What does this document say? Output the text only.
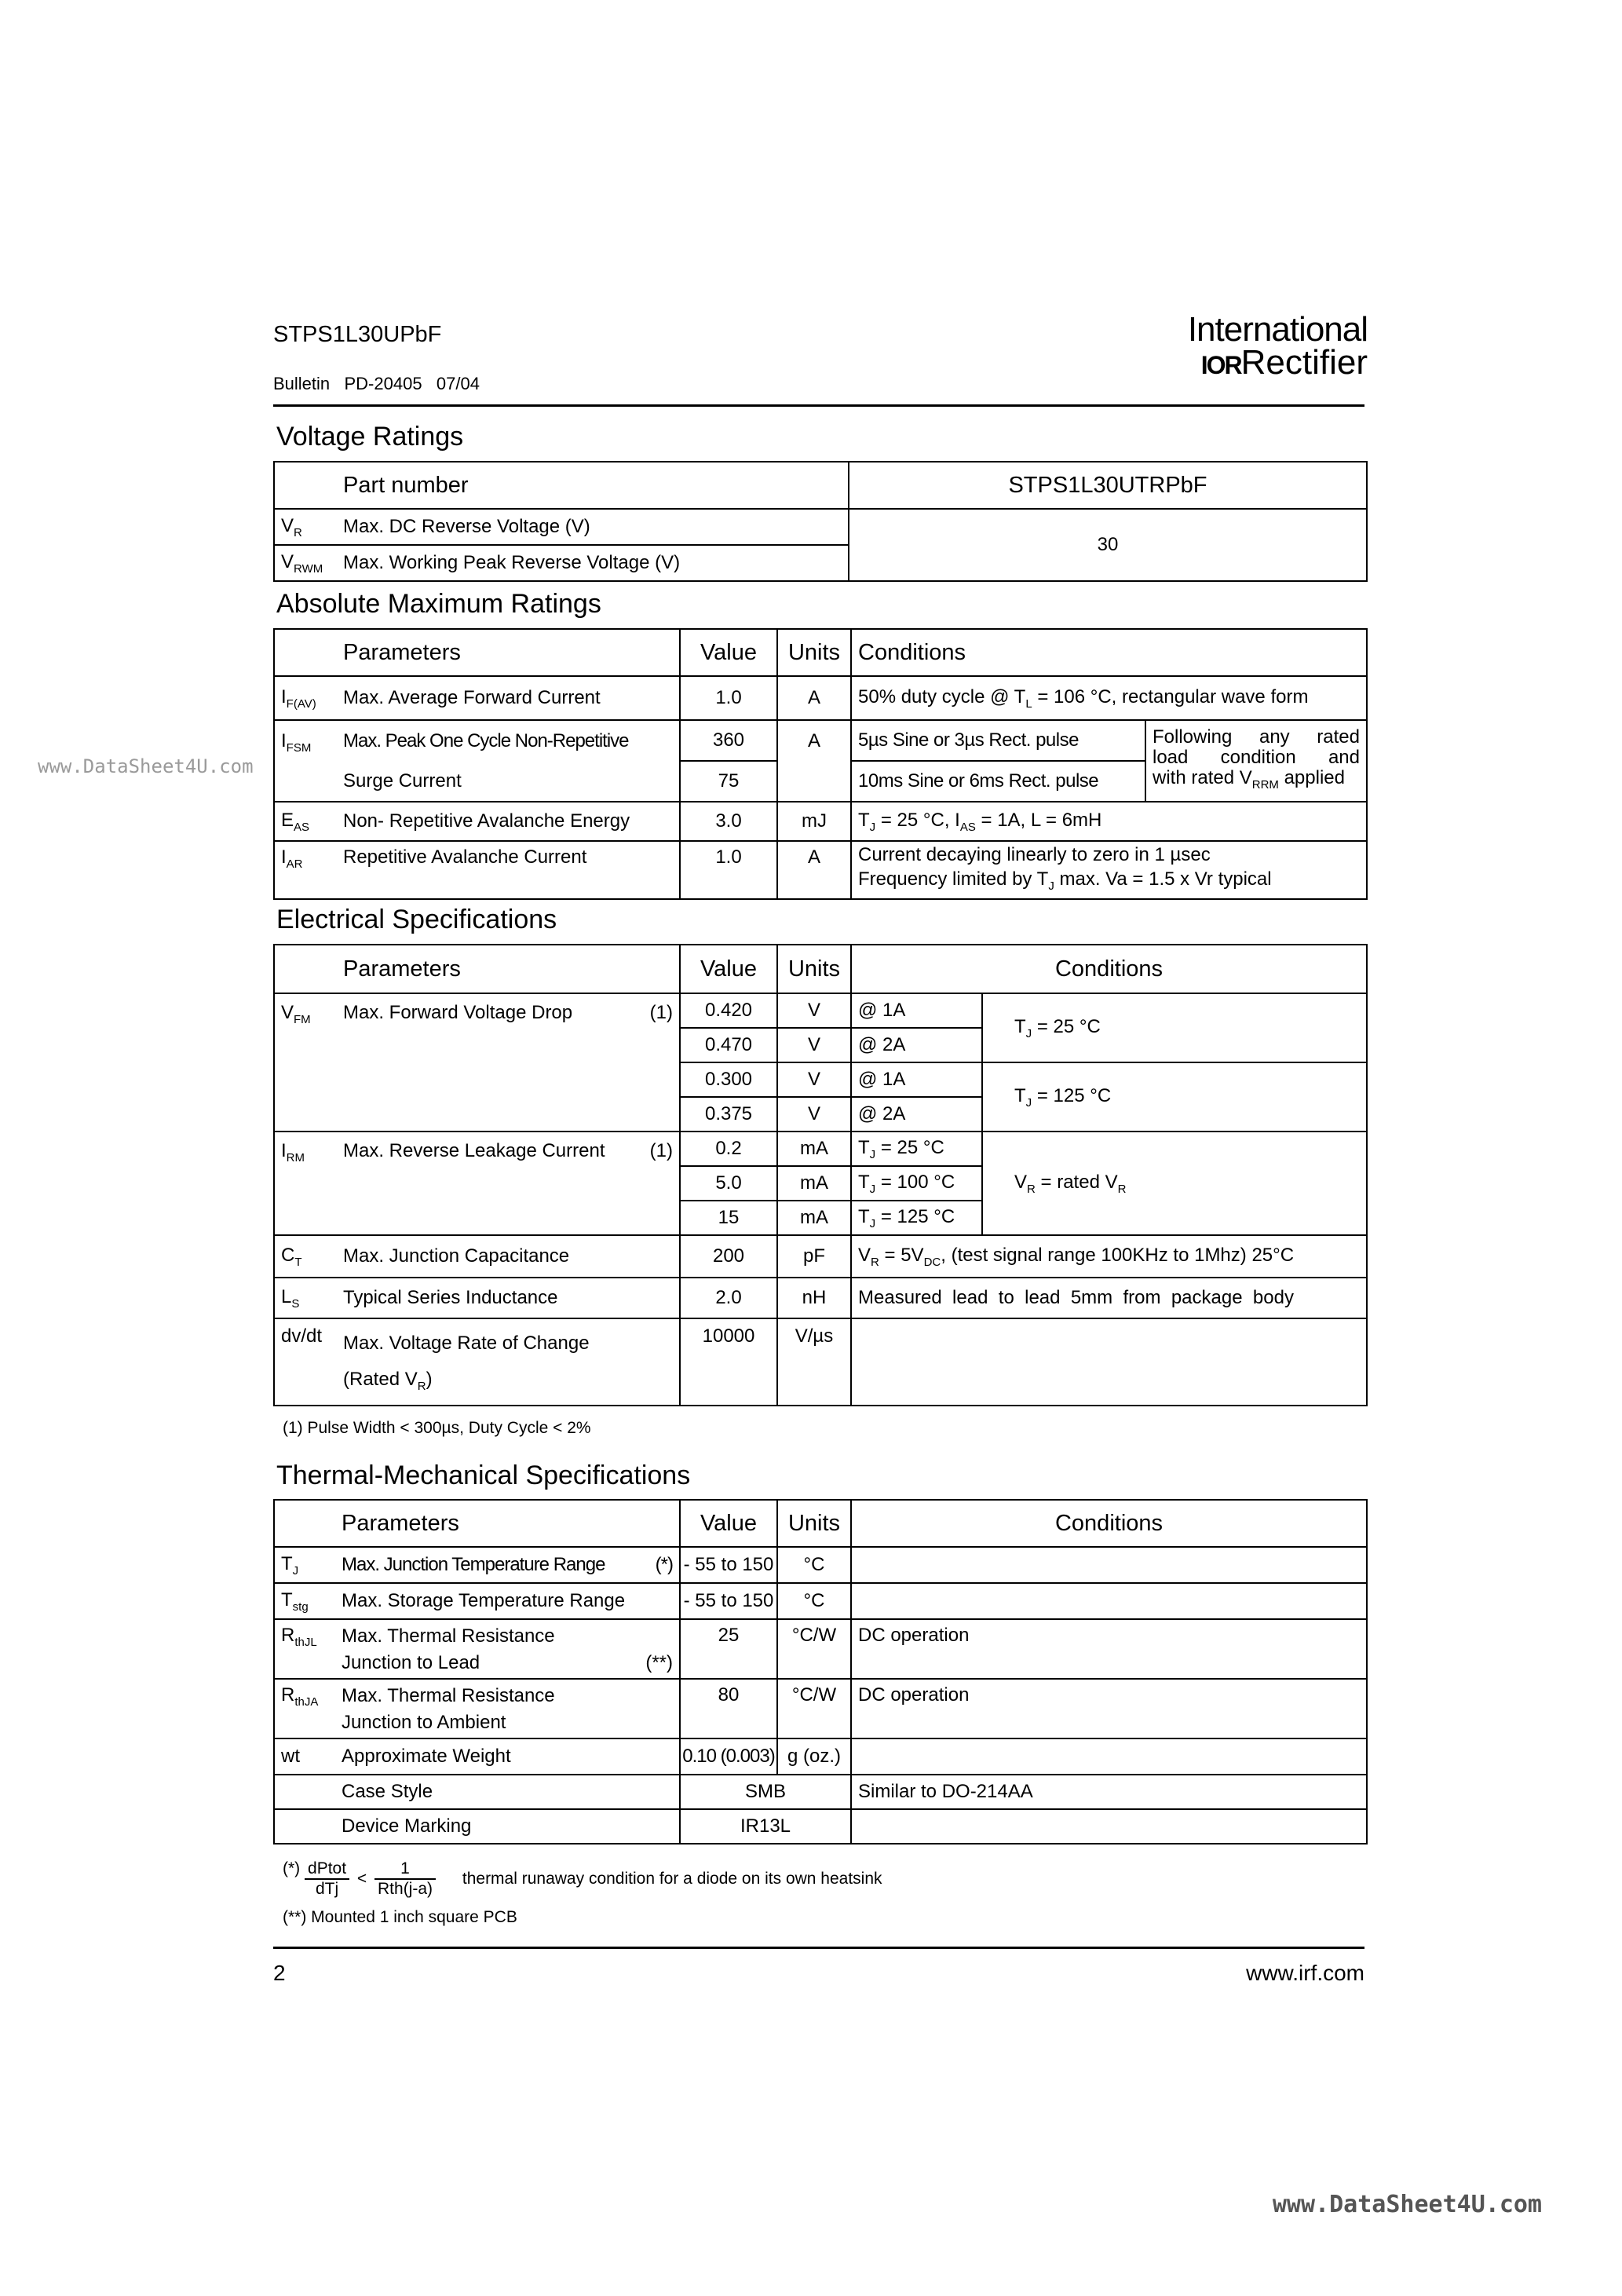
STPS1L30UPbF
Bulletin PD-20405 07/04
International
IORRectifier
www.DataSheet4U.com
Voltage Ratings
	Part number	STPS1L30UTRPbF
$V_R$	Max. DC Reverse Voltage (V)	30
$V_{RWM}$	Max. Working Peak Reverse Voltage (V)	
Absolute Maximum Ratings
	Parameters	Value	Units	Conditions	
$I_{F(AV)}$	Max. Average Forward Current	1.0	A	50% duty cycle @ $T_L = 106$ °C, rectangular wave form	
$I_{FSM}$	Max. Peak One Cycle Non-Repetitive	360	A	5µs Sine or 3µs Rect. pulse	Following any rated
load condition and
with rated $V_{RRM}$ applied

	Surge Current	75		10ms Sine or 6ms Rect. pulse	
$E_{AS}$	Non- Repetitive Avalanche Energy	3.0	mJ	$T_J = 25$ °C, $I_{AS} = 1A$, L = 6mH	
$I_{AR}$	Repetitive Avalanche Current	1.0	A	Current decaying linearly to zero in 1 µsec
Frequency limited by $T_J$ max. Va = 1.5 x Vr typical	
Electrical Specifications
	Parameters	Value	Units	Conditions	
$V_{FM}$	Max. Forward Voltage Drop (1)	0.420	V	@ 1A	$T_J = 25$ °C
		0.470	V	@ 2A	
		0.300	V	@ 1A	$T_J = 125$ °C
		0.375	V	@ 2A	
$I_{RM}$	Max. Reverse Leakage Current (1)	0.2	mA	$T_J = 25$ °C	$V_R$ = rated $V_R$
		5.0	mA	$T_J = 100$ °C	
		15	mA	$T_J = 125$ °C	
$C_T$	Max. Junction Capacitance	200	pF	$V_R = 5V_{DC}$, (test signal range 100KHz to 1Mhz) 25°C	
$L_S$	Typical Series Inductance	2.0	nH	Measured  lead  to  lead  5mm  from  package  body	
dv/dt	Max. Voltage Rate of Change
(Rated $V_R$)	10000	V/µs		
(1) Pulse Width < 300µs, Duty Cycle < 2%
Thermal-Mechanical Specifications
	Parameters	Value	Units	Conditions
$T_J$	Max. Junction Temperature Range (*)	- 55 to 150	°C	
$T_{stg}$	Max. Storage Temperature Range	- 55 to 150	°C	
$R_{thJL}$	Max. Thermal Resistance
Junction to Lead (**)	25	°C/W	DC operation
$R_{thJA}$	Max. Thermal Resistance
Junction to Ambient	80	°C/W	DC operation
wt	Approximate Weight	0.10 (0.003)	g (oz.)	
	Case Style	SMB		Similar to DO-214AA
	Device Marking	IR13L		
(*) $\frac{\text{dPtot}}{\text{dTj}} < \frac{1}{\text{Rth(j-a)}}$ thermal runaway condition for a diode on its own heatsink
(**) Mounted 1 inch square PCB
2	www.irf.com
www.DataSheet4U.com
